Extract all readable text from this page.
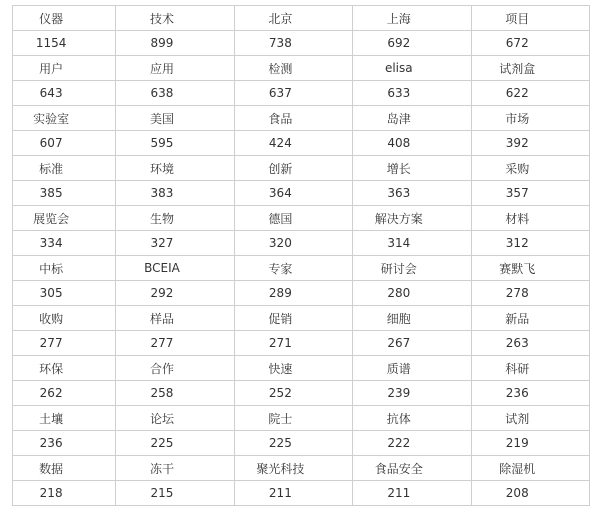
仪器	技术	北京	上海	项目
1154	899	738	692	672
用户	应用	检测	elisa	试剂盒
643	638	637	633	622
实验室	美国	食品	岛津	市场
607	595	424	408	392
标准	环境	创新	增长	采购
385	383	364	363	357
展览会	生物	德国	解决方案	材料
334	327	320	314	312
中标	BCEIA	专家	研讨会	赛默飞
305	292	289	280	278
收购	样品	促销	细胞	新品
277	277	271	267	263
环保	合作	快速	质谱	科研
262	258	252	239	236
土壤	论坛	院士	抗体	试剂
236	225	225	222	219
数据	冻干	聚光科技	食品安全	除湿机
218	215	211	211	208
